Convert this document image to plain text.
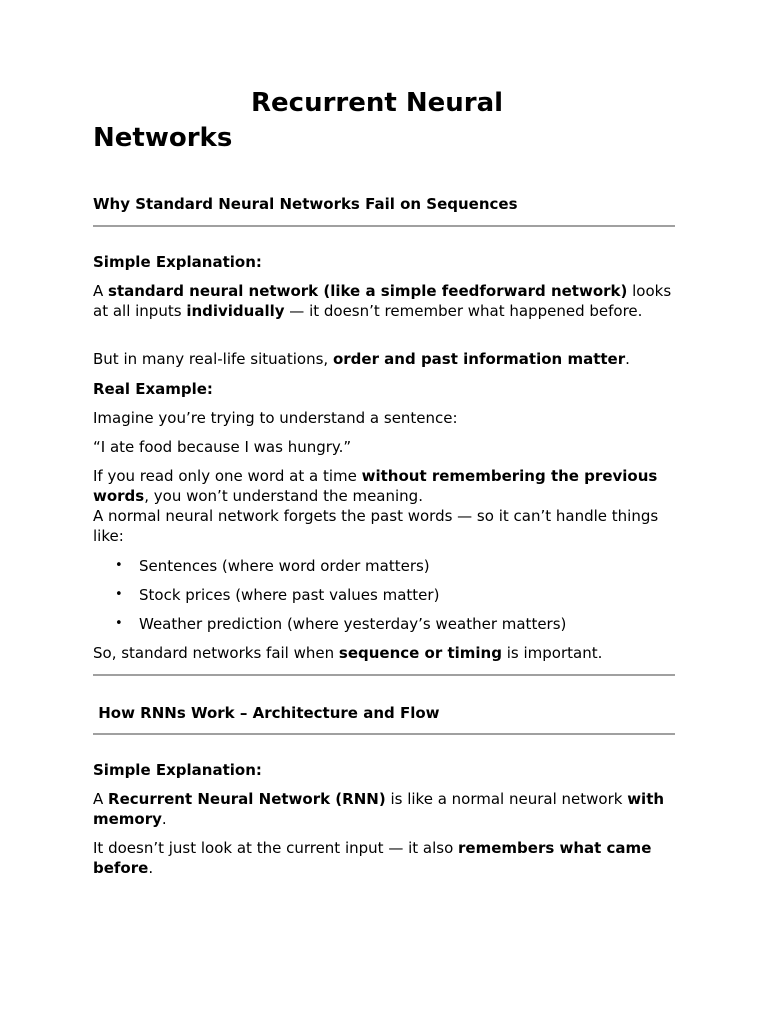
Recurrent Neural
Networks
Why Standard Neural Networks Fail on Sequences

Simple Explanation:

A standard neural network (like a simple feedforward network) looks at all inputs individually — it doesn’t remember what happened before.

But in many real-life situations, order and past information matter.

Real Example:

Imagine you’re trying to understand a sentence:

“I ate food because I was hungry.”

If you read only one word at a time without remembering the previous words, you won’t understand the meaning.

A normal neural network forgets the past words — so it can’t handle things like:

• Sentences (where word order matters)
• Stock prices (where past values matter)
• Weather prediction (where yesterday’s weather matters)

So, standard networks fail when sequence or timing is important.

How RNNs Work – Architecture and Flow

Simple Explanation:

A Recurrent Neural Network (RNN) is like a normal neural network with memory.

It doesn’t just look at the current input — it also remembers what came before.
